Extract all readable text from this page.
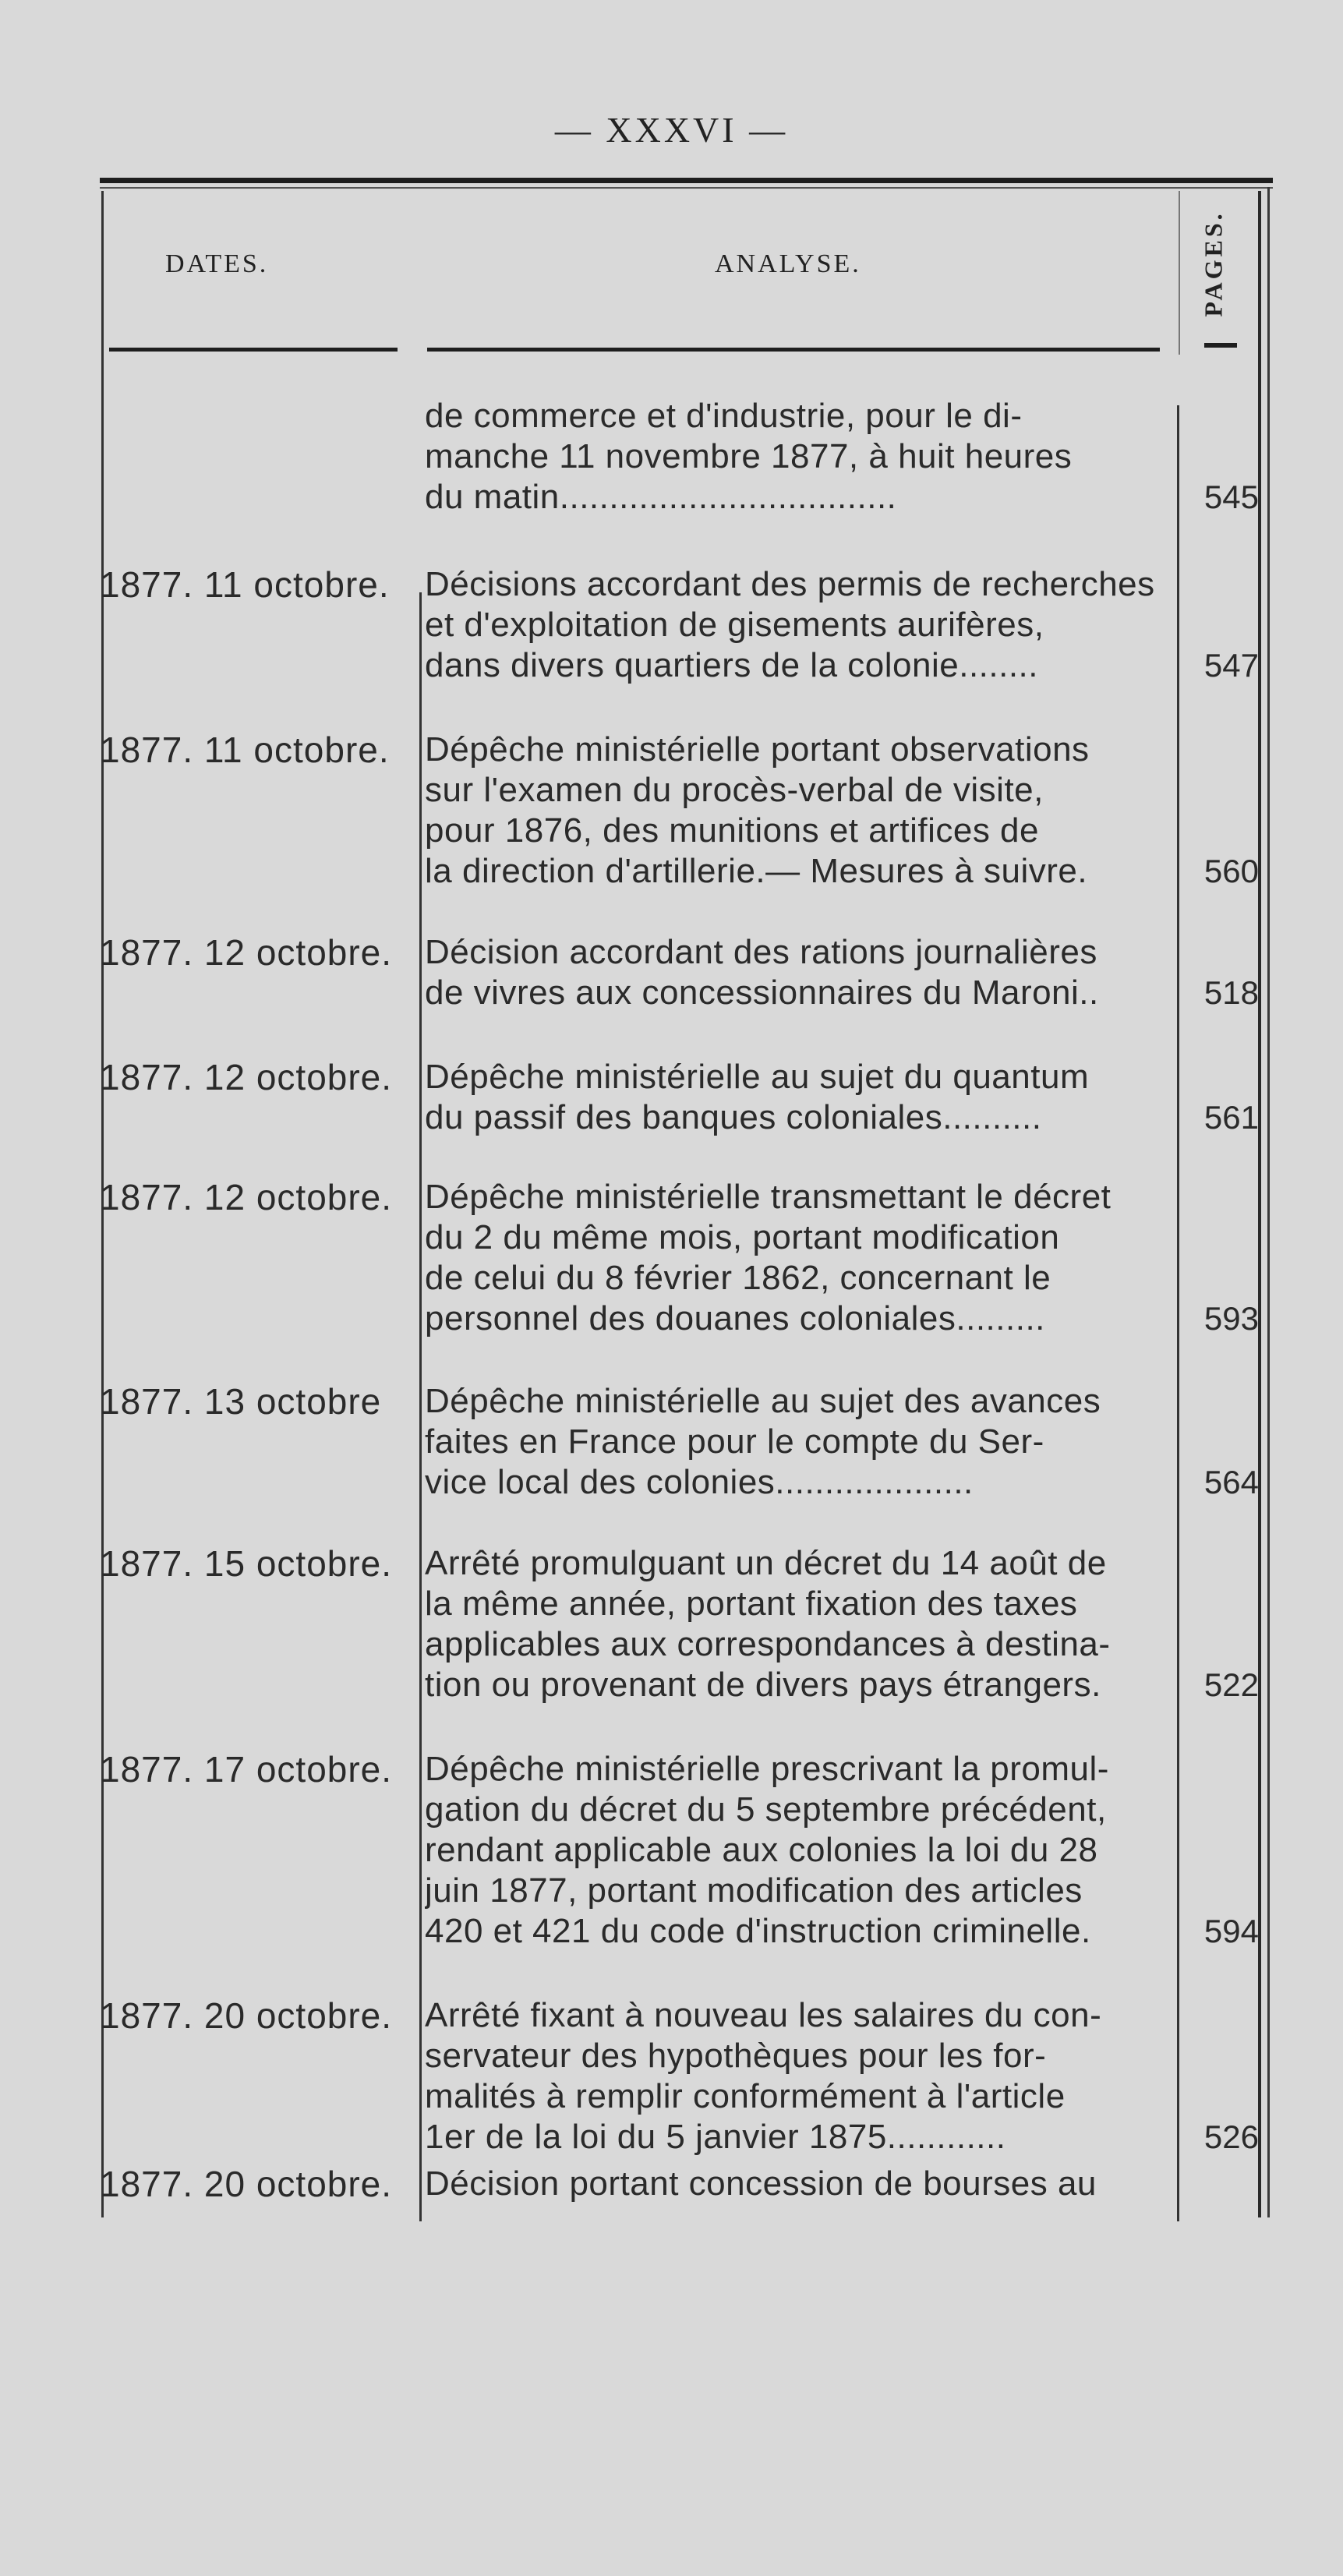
— XXXVI —
DATES.	ANALYSE.	PAGES.
de commerce et d'industrie, pour le di-
manche 11 novembre 1877, à huit heures
du matin..................................	545
1877. 11 octobre.	Décisions accordant des permis de recherches
et d'exploitation de gisements aurifères,
dans divers quartiers de la colonie........	547
1877. 11 octobre.	Dépêche ministérielle portant observations
sur l'examen du procès-verbal de visite,
pour 1876, des munitions et artifices de
la direction d'artillerie.— Mesures à suivre.	560
1877. 12 octobre. Décision accordant des rations journalières
de vivres aux concessionnaires du Maroni..	518
1877. 12 octobre. Dépêche ministérielle au sujet du quantum
du passif des banques coloniales..........	561
1877. 12 octobre. Dépêche ministérielle transmettant le décret
du 2 du même mois, portant modification
de celui du 8 février 1862, concernant le
personnel des douanes coloniales.........	593
1877. 13 octobre	Dépêche ministérielle au sujet des avances
faites en France pour le compte du Ser-
vice local des colonies....................	564
1877. 15 octobre. Arrêté promulguant un décret du 14 août de
la même année, portant fixation des taxes
applicables aux correspondances à destina-
tion ou provenant de divers pays étrangers.	522
1877. 17 octobre. Dépêche ministérielle prescrivant la promul-
gation du décret du 5 septembre précédent,
rendant applicable aux colonies la loi du 28
juin 1877, portant modification des articles
420 et 421 du code d'instruction criminelle.	594
1877. 20 octobre. Arrêté fixant à nouveau les salaires du con-
servateur des hypothèques pour les for-
malités à remplir conformément à l'article
1er de la loi du 5 janvier 1875............	526
1877. 20 octobre. Décision portant concession de bourses au
